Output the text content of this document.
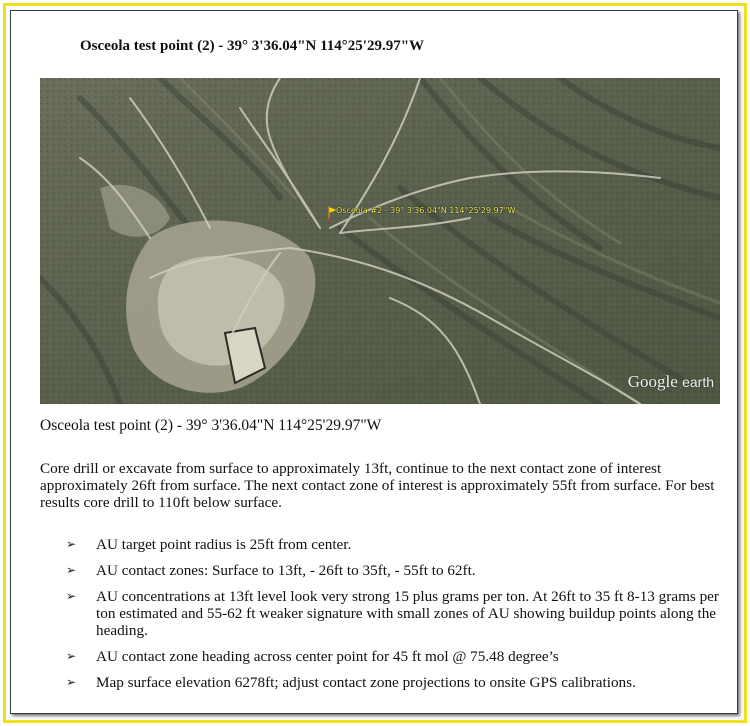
Osceola test point (2) - 39° 3'36.04"N 114°25'29.97"W
Osceola #2 - 39° 3'36.04"N 114°25'29.97"W
Google earth
Osceola test point (2) - 39° 3'36.04"N 114°25'29.97"W
Core drill or excavate from surface to approximately 13ft, continue to the next contact zone of interest approximately 26ft from surface. The next contact zone of interest is approximately 55ft from surface. For best results core drill to 110ft below surface.
➢ AU target point radius is 25ft from center.
➢ AU contact zones: Surface to 13ft, - 26ft to 35ft, - 55ft to 62ft.
➢ AU concentrations at 13ft level look very strong 15 plus grams per ton. At 26ft to 35 ft 8-13 grams per ton estimated and 55-62 ft weaker signature with small zones of AU showing buildup points along the heading.
➢ AU contact zone heading across center point for 45 ft mol @ 75.48 degree’s
➢ Map surface elevation 6278ft; adjust contact zone projections to onsite GPS calibrations.
